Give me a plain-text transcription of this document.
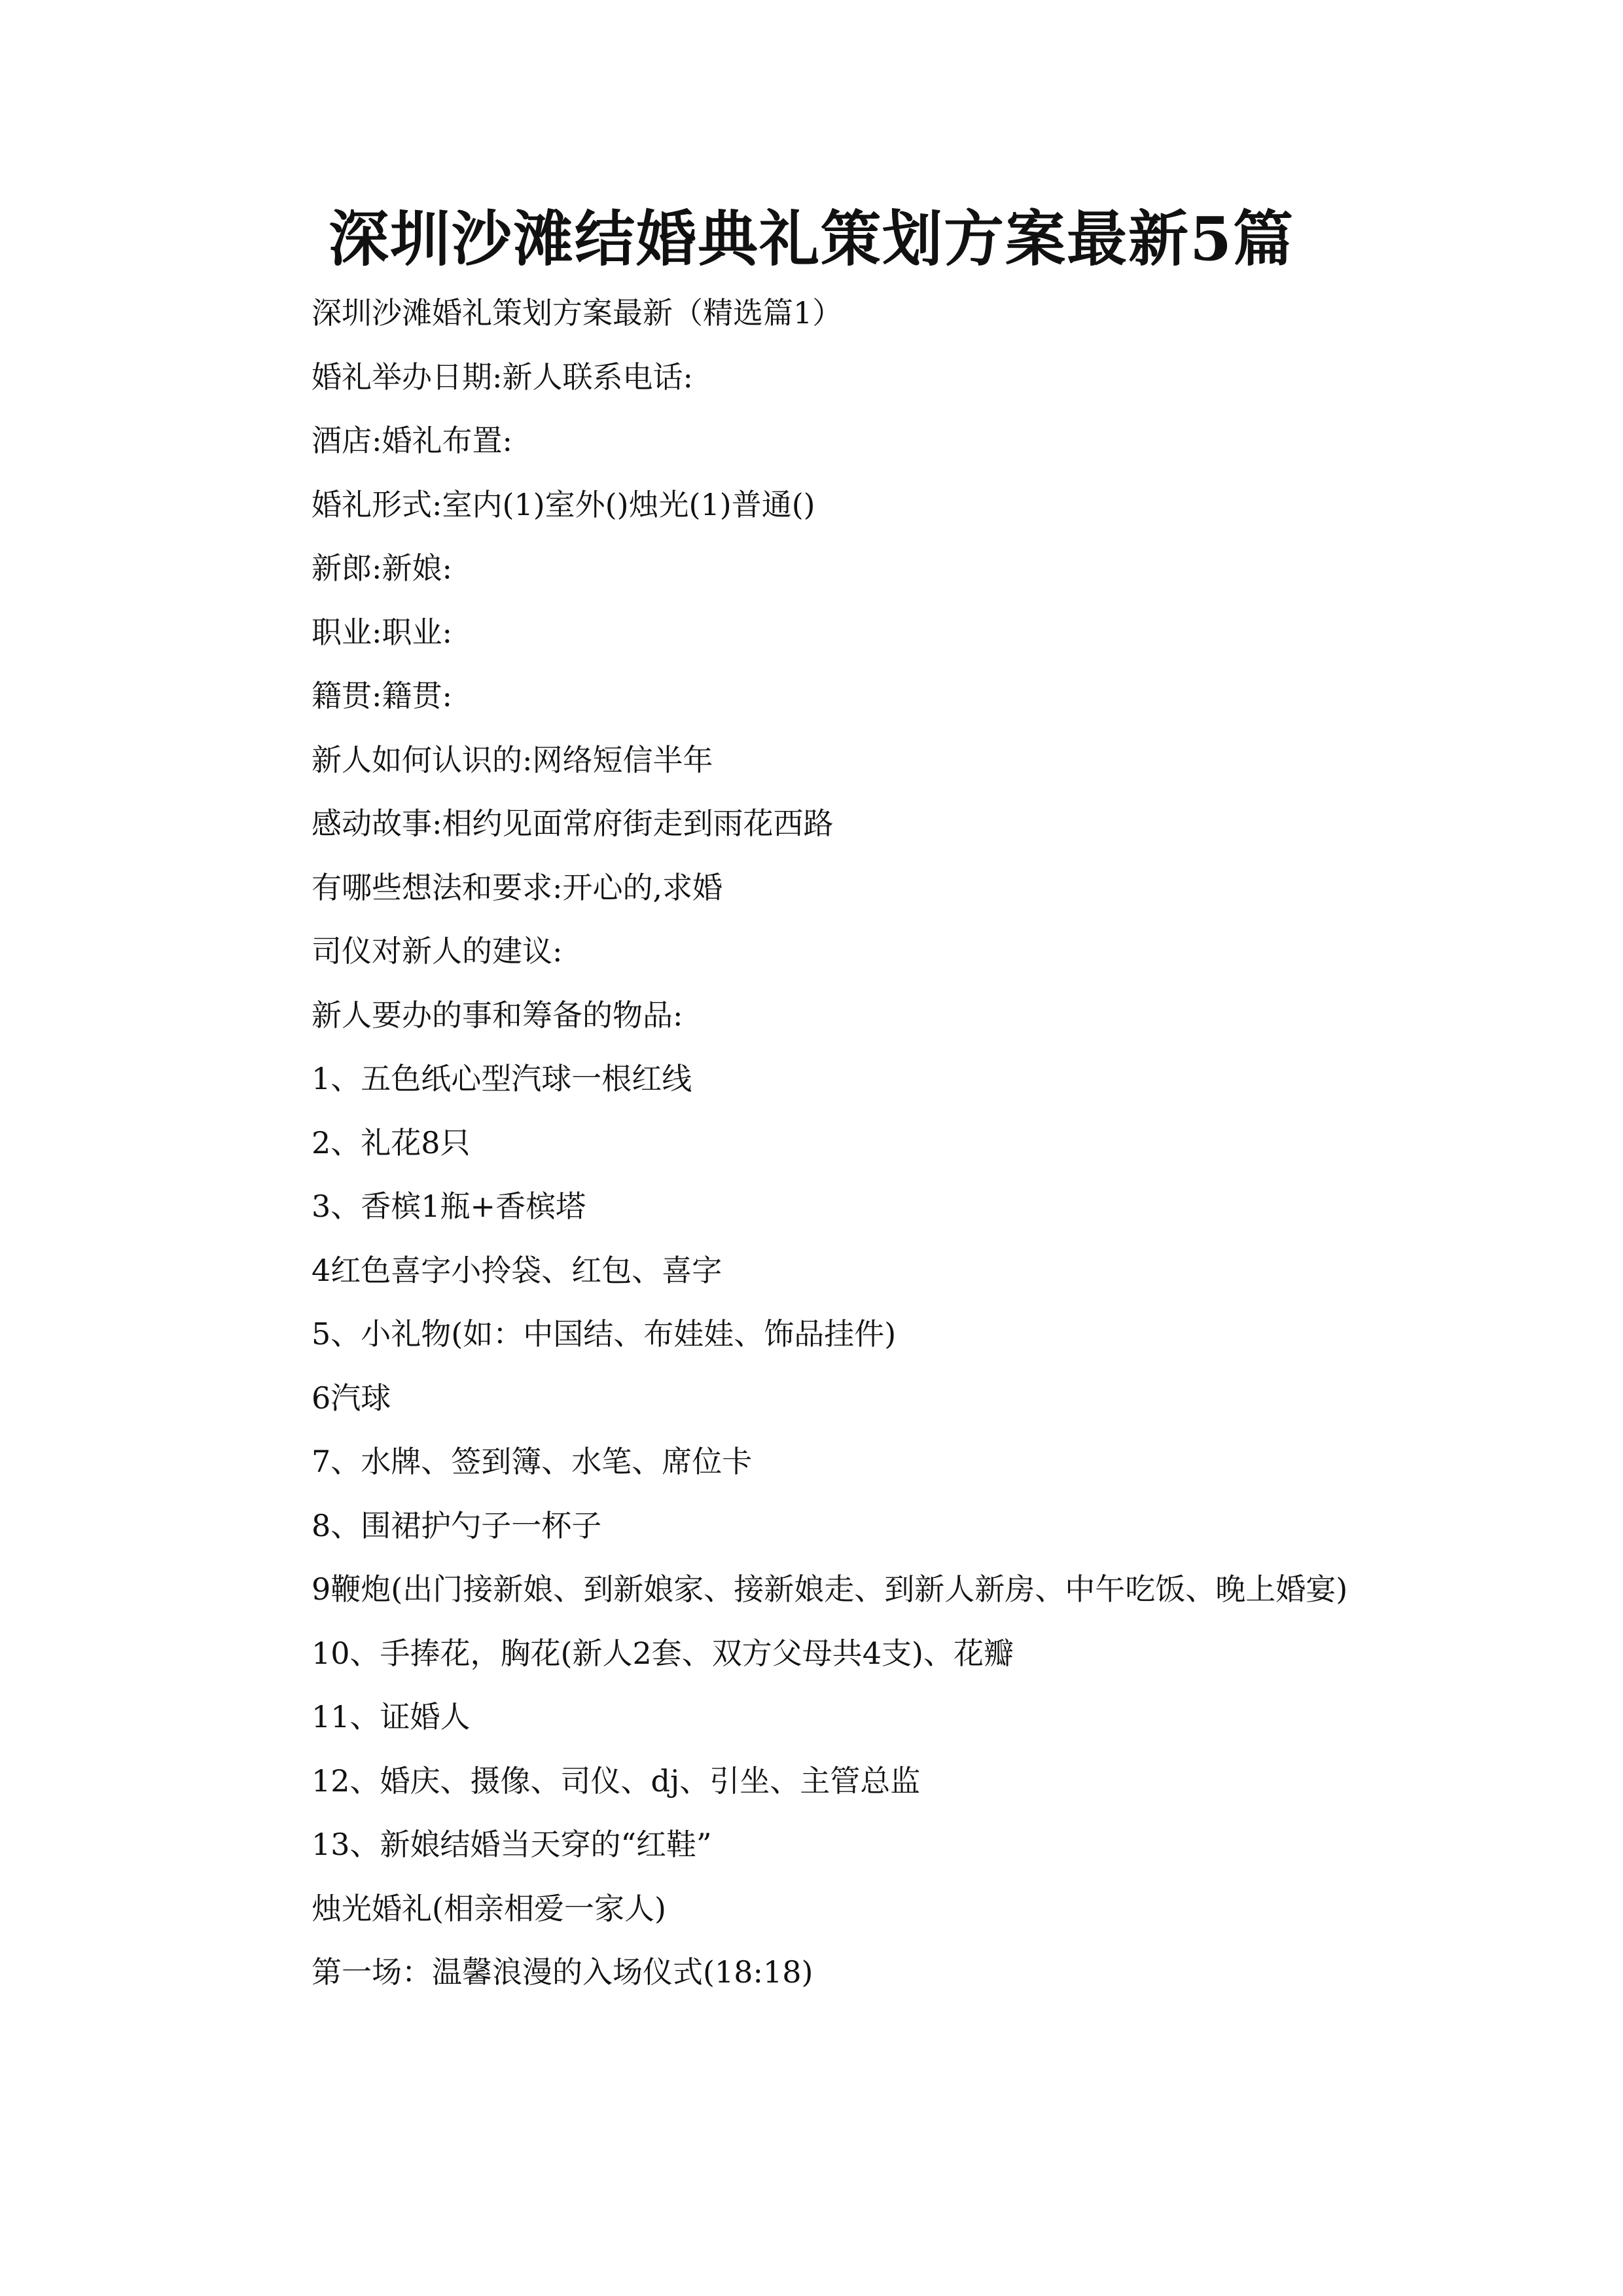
深圳沙滩结婚典礼策划方案最新5篇

深圳沙滩婚礼策划方案最新（精选篇1）

婚礼举办日期:新人联系电话:

酒店:婚礼布置:

婚礼形式:室内(1)室外()烛光(1)普通()

新郎:新娘:

职业:职业:

籍贯:籍贯:

新人如何认识的:网络短信半年

感动故事:相约见面常府街走到雨花西路

有哪些想法和要求:开心的,求婚

司仪对新人的建议:

新人要办的事和筹备的物品:

1、五色纸心型汽球一根红线

2、礼花8只

3、香槟1瓶+香槟塔

4红色喜字小拎袋、红包、喜字

5、小礼物(如：中国结、布娃娃、饰品挂件)

6汽球

7、水牌、签到簿、水笔、席位卡

8、围裙护勺子一杯子

9鞭炮(出门接新娘、到新娘家、接新娘走、到新人新房、中午吃饭、晚上婚宴)

10、手捧花，胸花(新人2套、双方父母共4支)、花瓣

11、证婚人

12、婚庆、摄像、司仪、dj、引坐、主管总监

13、新娘结婚当天穿的“红鞋”

烛光婚礼(相亲相爱一家人)

第一场：温馨浪漫的入场仪式(18:18)
